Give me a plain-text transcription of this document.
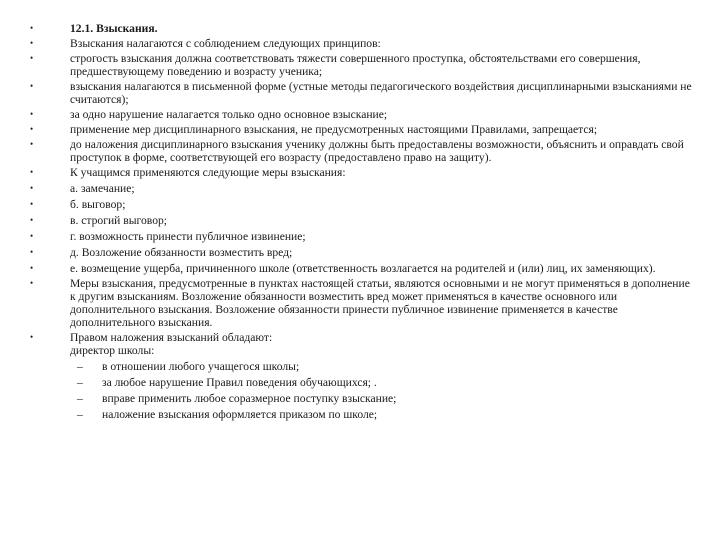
•	12.1. Взыскания.
•	Взыскания налагаются с соблюдением следующих принципов:
•	строгость взыскания должна соответствовать тяжести совершенного проступка, обстоятельствами его совершения, предшествующему поведению и возрасту ученика;
•	взыскания налагаются в письменной форме (устные методы педагогического воздействия дисциплинарными взысканиями не считаются);
•	за одно нарушение налагается только одно основное взыскание;
•	применение мер дисциплинарного взыскания, не предусмотренных настоящими Правилами, запрещается;
•	до наложения дисциплинарного взыскания ученику должны быть предоставлены возможности, объяснить и оправдать свой проступок в форме, соответствующей его возрасту (предоставлено право на защиту).
•	К учащимся применяются следующие меры взыскания:
•	а. замечание;
•	б. выговор;
•	в. строгий выговор;
•	г. возможность принести публичное извинение;
•	д. Возложение обязанности возместить вред;
•	е. возмещение ущерба, причиненного школе (ответственность возлагается на родителей и (или) лиц, их заменяющих).
•	Меры взыскания, предусмотренные в пунктах настоящей статьи, являются основными и не могут применяться в дополнение к другим взысканиям. Возложение обязанности возместить вред может применяться в качестве основного или дополнительного взыскания. Возложение обязанности принести публичное извинение применяется в качестве дополнительного взыскания.
•	Правом наложения взысканий обладают:
директор школы:
– в отношении любого учащегося школы;
– за любое нарушение Правил поведения обучающихся; .
– вправе применить любое соразмерное поступку взыскание;
– наложение взыскания оформляется приказом по школе;
